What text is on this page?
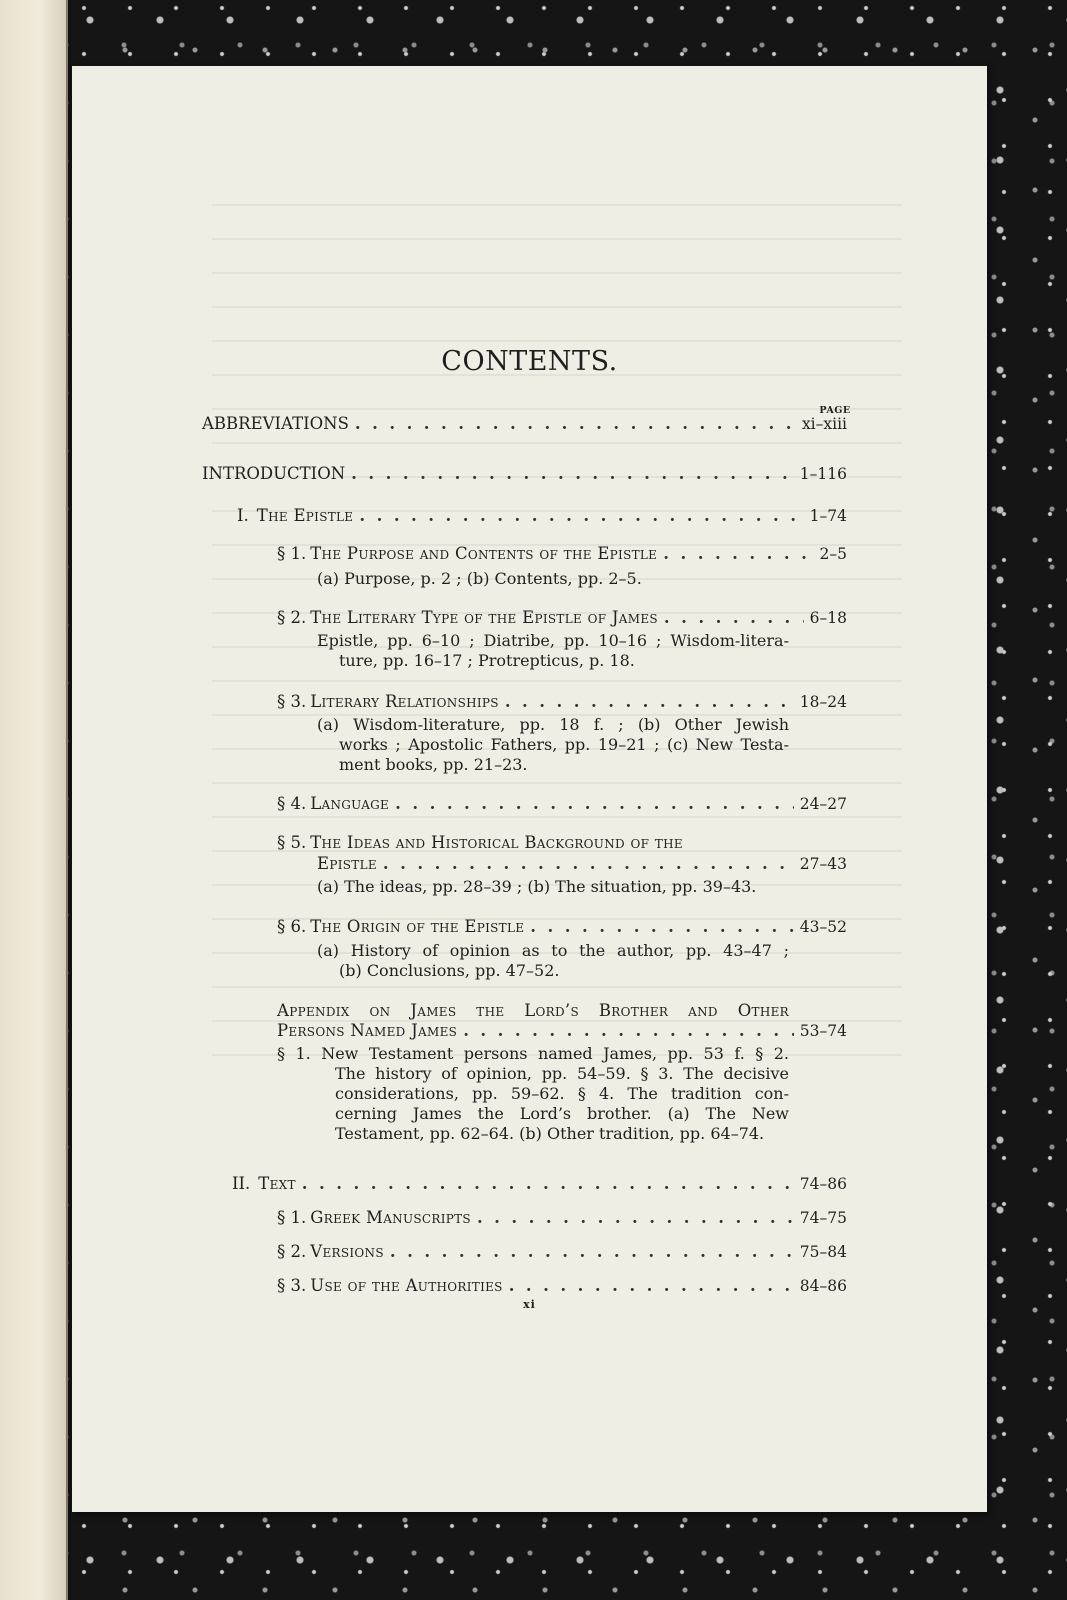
CONTENTS.
PAGE
ABBREVIATIONS . .	xi–xiii
INTRODUCTION . .	1–116
I. The Epistle . .	1–74
§ 1. The Purpose and Contents of the Epistle . .	2–5
(a) Purpose, p. 2 ; (b) Contents, pp. 2–5.
§ 2. The Literary Type of the Epistle of James . .	6–18
Epistle, pp. 6–10 ; Diatribe, pp. 10–16 ; Wisdom-litera-
ture, pp. 16–17 ; Protrepticus, p. 18.
§ 3. Literary Relationships . .	18–24
(a) Wisdom-literature, pp. 18 f. ; (b) Other Jewish
works ; Apostolic Fathers, pp. 19–21 ; (c) New Testa-
ment books, pp. 21–23.
§ 4. Language . .	24–27
§ 5. The Ideas and Historical Background of the
Epistle . .	27–43
(a) The ideas, pp. 28–39 ; (b) The situation, pp. 39–43.
§ 6. The Origin of the Epistle . .	43–52
(a) History of opinion as to the author, pp. 43–47 ;
(b) Conclusions, pp. 47–52.
Appendix on James the Lord’s Brother and Other
Persons Named James . .	53–74
§ 1. New Testament persons named James, pp. 53 f. § 2.
The history of opinion, pp. 54–59. § 3. The decisive
considerations, pp. 59–62. § 4. The tradition con-
cerning James the Lord’s brother. (a) The New
Testament, pp. 62–64. (b) Other tradition, pp. 64–74.
II. Text . .	74–86
§ 1. Greek Manuscripts . .	74–75
§ 2. Versions . .	75–84
§ 3. Use of the Authorities . .	84–86
xi
